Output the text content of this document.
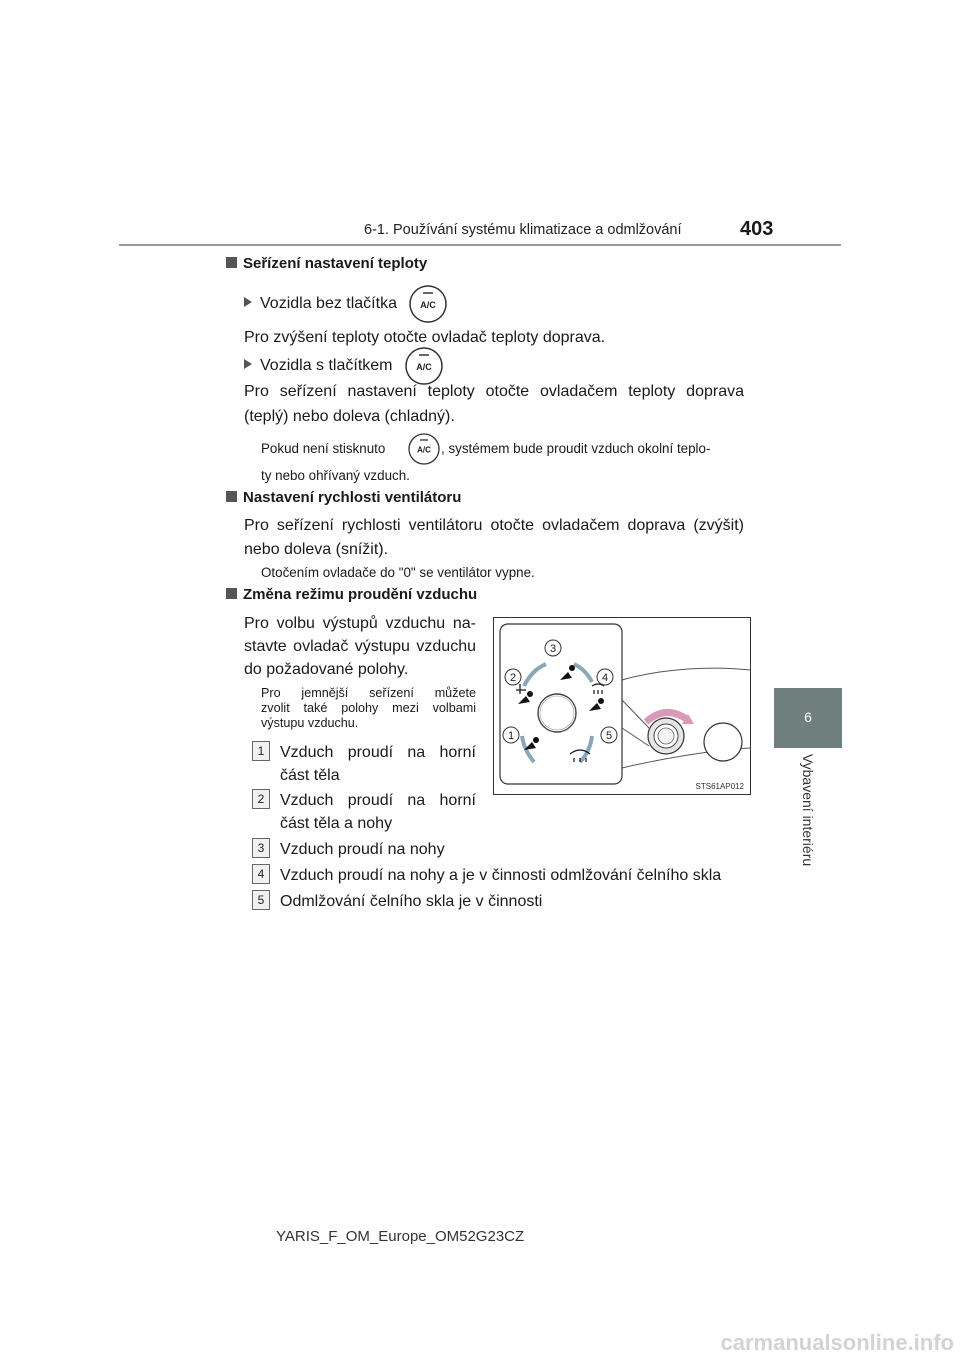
6-1. Používání systému klimatizace a odmlžování	403
6
Vybavení interiéru
Seřízení nastavení teploty
Vozidla bez tlačítka	A/C
Pro zvýšení teploty otočte ovladač teploty doprava.
Vozidla s tlačítkem	A/C
Pro seřízení nastavení teploty otočte ovladačem teploty doprava
(teplý) nebo doleva (chladný).
Pokud není stisknuto	A/C , systémem bude proudit vzduch okolní teplo-
ty nebo ohřívaný vzduch.
Nastavení rychlosti ventilátoru
Pro seřízení rychlosti ventilátoru otočte ovladačem doprava (zvýšit)
nebo doleva (snížit).
Otočením ovladače do "0" se ventilátor vypne.
Změna režimu proudění vzduchu
Pro volbu výstupů vzduchu na-
stavte ovladač výstupu vzduchu
do požadované polohy.
Pro jemnější seřízení můžete
zvolit také polohy mezi volbami
výstupu vzduchu.
1 Vzduch proudí na horní
část těla
2 Vzduch proudí na horní
část těla a nohy
3 Vzduch proudí na nohy
4 Vzduch proudí na nohy a je v činnosti odmlžování čelního skla
5 Odmlžování čelního skla je v činnosti
3
2	4
1	5
STS61AP012
YARIS_F_OM_Europe_OM52G23CZ
carmanualsonline.info
